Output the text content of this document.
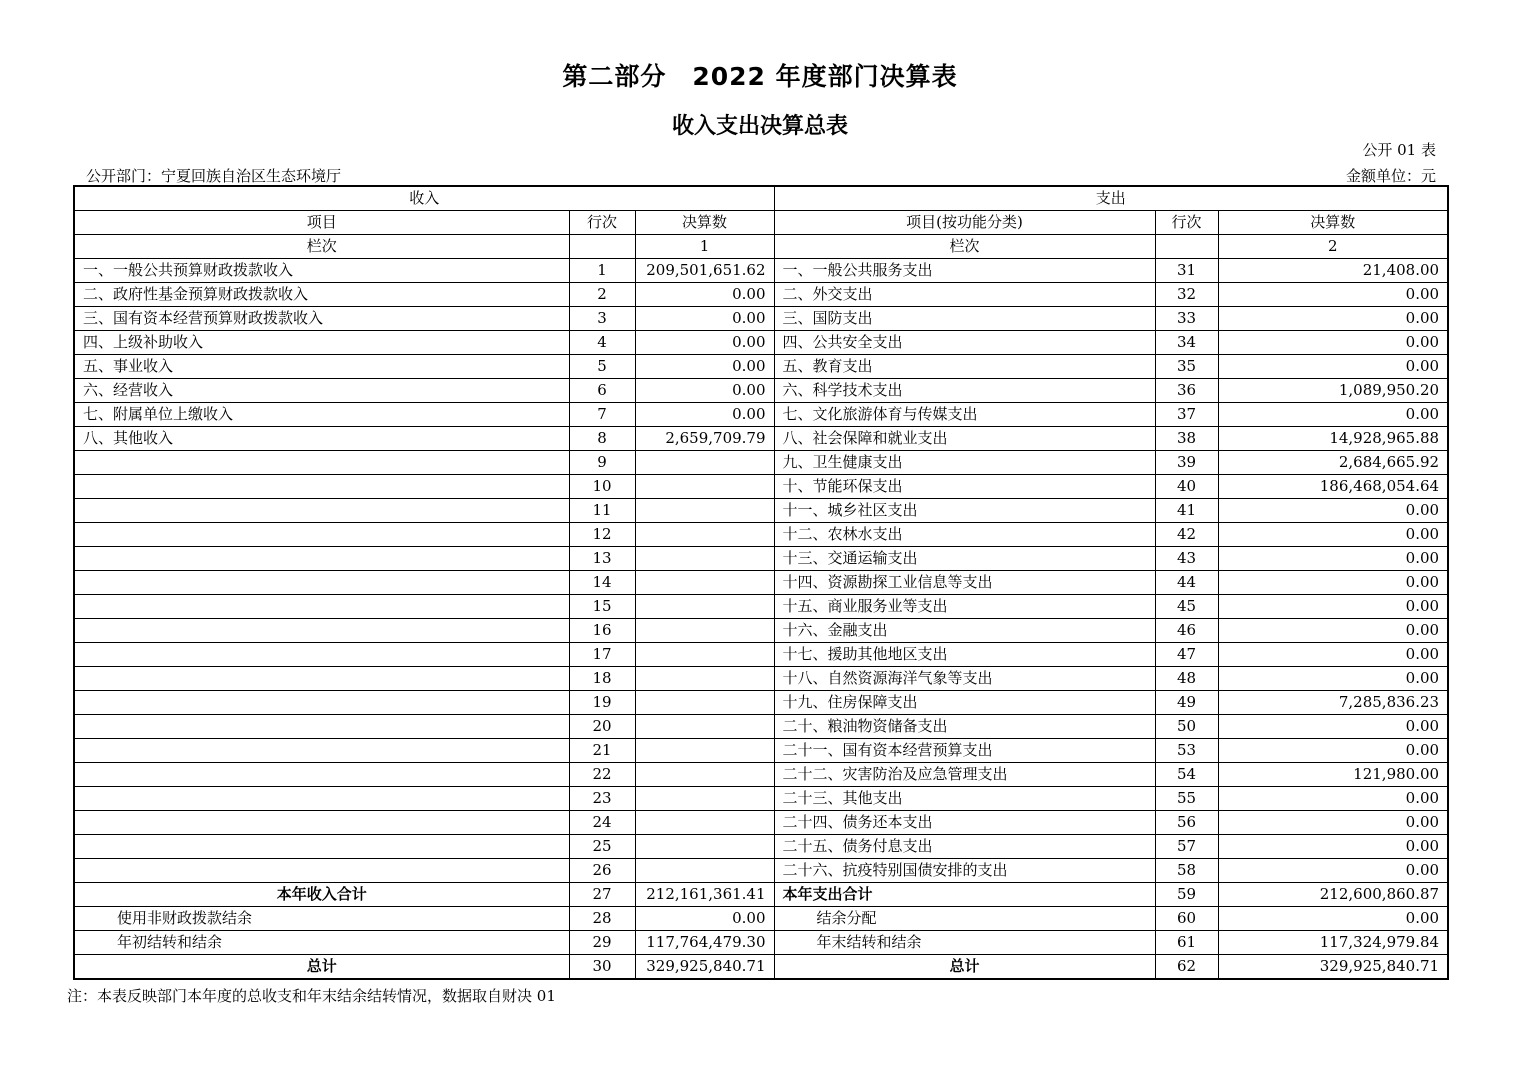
第二部分　2022 年度部门决算表
收入支出决算总表
公开 01 表
公开部门：宁夏回族自治区生态环境厅	金额单位：元
收入			支出		
项目	行次	决算数	项目(按功能分类)	行次	决算数
栏次		1	栏次		2
一、一般公共预算财政拨款收入	1	209,501,651.62	一、一般公共服务支出	31	21,408.00
二、政府性基金预算财政拨款收入	2	0.00	二、外交支出	32	0.00
三、国有资本经营预算财政拨款收入	3	0.00	三、国防支出	33	0.00
四、上级补助收入	4	0.00	四、公共安全支出	34	0.00
五、事业收入	5	0.00	五、教育支出	35	0.00
六、经营收入	6	0.00	六、科学技术支出	36	1,089,950.20
七、附属单位上缴收入	7	0.00	七、文化旅游体育与传媒支出	37	0.00
八、其他收入	8	2,659,709.79	八、社会保障和就业支出	38	14,928,965.88
	9		九、卫生健康支出	39	2,684,665.92
	10		十、节能环保支出	40	186,468,054.64
	11		十一、城乡社区支出	41	0.00
	12		十二、农林水支出	42	0.00
	13		十三、交通运输支出	43	0.00
	14		十四、资源勘探工业信息等支出	44	0.00
	15		十五、商业服务业等支出	45	0.00
	16		十六、金融支出	46	0.00
	17		十七、援助其他地区支出	47	0.00
	18		十八、自然资源海洋气象等支出	48	0.00
	19		十九、住房保障支出	49	7,285,836.23
	20		二十、粮油物资储备支出	50	0.00
	21		二十一、国有资本经营预算支出	53	0.00
	22		二十二、灾害防治及应急管理支出	54	121,980.00
	23		二十三、其他支出	55	0.00
	24		二十四、债务还本支出	56	0.00
	25		二十五、债务付息支出	57	0.00
	26		二十六、抗疫特别国债安排的支出	58	0.00
本年收入合计	27	212,161,361.41	本年支出合计	59	212,600,860.87
使用非财政拨款结余	28	0.00	结余分配	60	0.00
年初结转和结余	29	117,764,479.30	年末结转和结余	61	117,324,979.84
总计	30	329,925,840.71	总计	62	329,925,840.71
注：本表反映部门本年度的总收支和年末结余结转情况，数据取自财决 01
